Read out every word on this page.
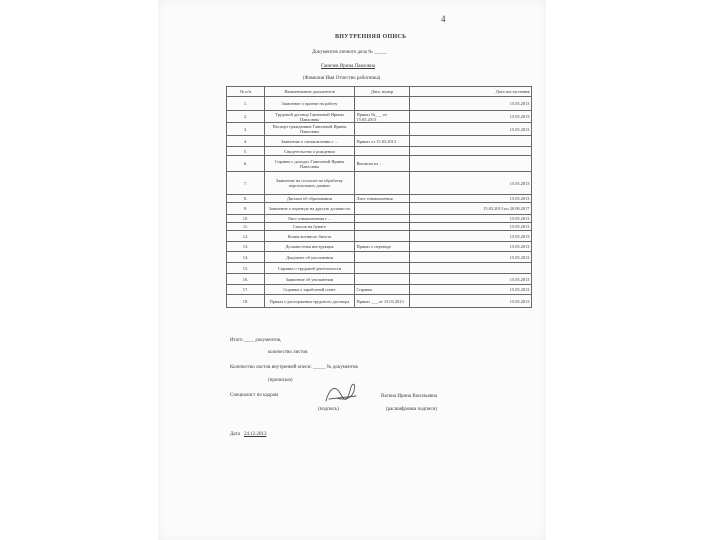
4
ВНУТРЕННЯЯ ОПИСЬ
Документов личного дела № _____
Ганичев Ирина Павловна
(Фамилия Имя Отчество работника)
№ п/п	Наименование документов	Дата, номер	Дата поступления
1.	Заявление о приеме на работу		15.03.2013
2.	Трудовой договор Ганичевой Ирины Павловны	Приказ №___ от 15.03.2013	15.03.2013
3.	Паспорт гражданина Ганичевой Ирины Павловны		15.03.2013
4.	Заявление о ознакомлении с ...	Приказ от 15.03.2013	
5.	Свидетельство о рождении		
6.	Справка о доходах Ганичевой Ирины Павловны	Выписка из ...	
7.	Заявление на согласие на обработку персональных данных		15.03.2013
8.	Диплом об образовании	Лист ознакомления	15.03.2013
9.	Заявление о переводе на другую должность		15.03.2013 по 20.08.2017
10.	Лист ознакомления с ...		15.03.2013
11.	Список на бумаге		15.03.2013
12.	Копия военного билета		15.03.2013
13.	Должностная инструкция	Приказ о переводе	15.03.2013
14.	Документ об увольнении		15.03.2013
15.	Справка о трудовой деятельности		
16.	Заявление об увольнении		15.03.2013
17.	Справка о заработной плате	Справка	15.03.2013
18.	Приказ о расторжении трудового договора	Приказ ___ от 15.03.2013	15.03.2013
Итого ____ документов,
количество листов
Количество листов внутренней описи: _____ № документов
(прописью)
Специалист по кадрам	Вагина Ирина Васильевна
(подпись)	(расшифровка подписи)
Дата 24.12.2013
